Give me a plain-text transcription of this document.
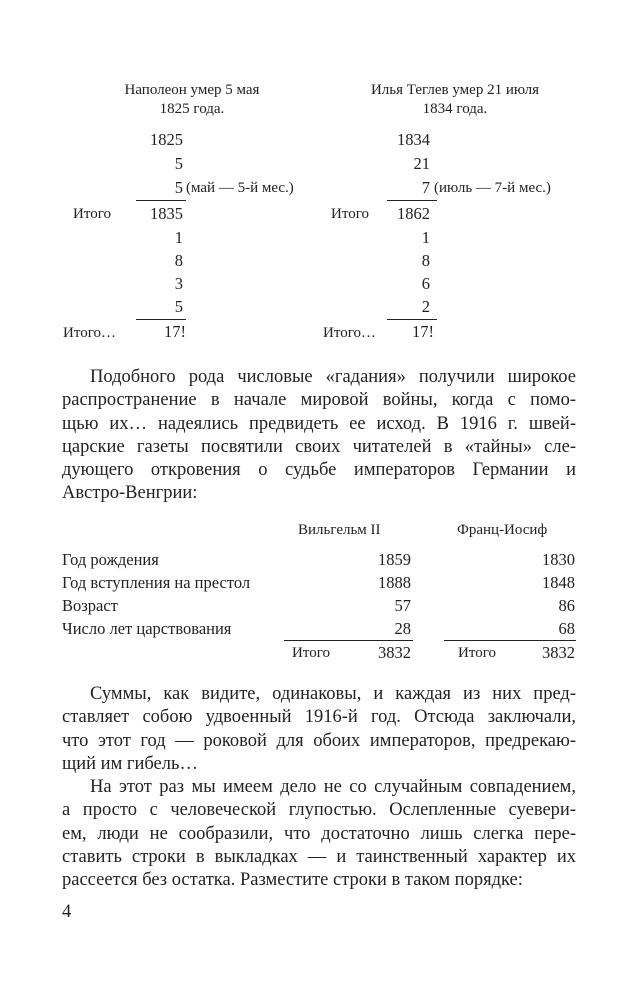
Наполеон умер 5 мая
1825 года.
1825
5
5 (май — 5-й мес.)
Итого 1835
1
8
3
5
Итого…	17!
Илья Теглев умер 21 июля
1834 года.
1834
21
7 (июль — 7-й мес.)
Итого 1862
1
8
6
2
Итого… 17!

Подобного рода числовые «гадания» получили широкое
распространение в начале мировой войны, когда с помо-
щью их… надеялись предвидеть ее исход. В 1916 г. швей-
царские газеты посвятили своих читателей в «тайны» сле-
дующего откровения о судьбе императоров Германии и
Австро-Венгрии:

Вильгельм II	Франц-Иосиф
Год рождения	1859	1830
Год вступления на престол	1888	1848
Возраст	57	86
Число лет царствования	28	68
Итого	3832	Итого	3832

Суммы, как видите, одинаковы, и каждая из них пред-
ставляет собою удвоенный 1916-й год. Отсюда заключали,
что этот год — роковой для обоих императоров, предрекаю-
щий им гибель…

На этот раз мы имеем дело не со случайным совпадением,
а просто с человеческой глупостью. Ослепленные суевери-
ем, люди не сообразили, что достаточно лишь слегка пере-
ставить строки в выкладках — и таинственный характер их
рассеется без остатка. Разместите строки в таком порядке:

4
